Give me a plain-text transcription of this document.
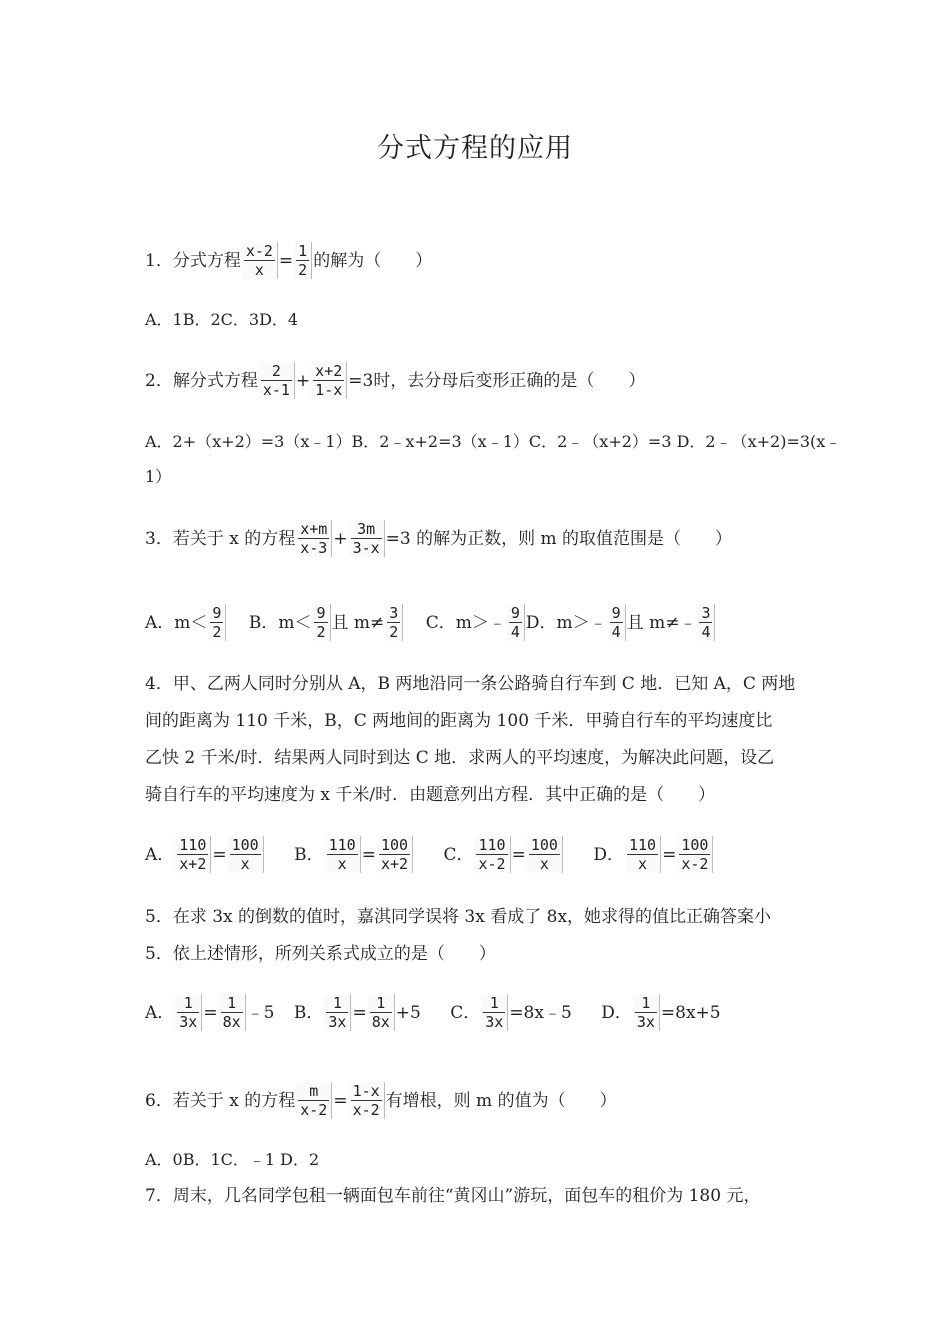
分式方程的应用
1．分式方程 $\frac{x-2}{x} = \frac{1}{2}$ 的解为（　　）
A．1B．2C．3D．4
2．解分式方程 $\frac{2}{x-1} + \frac{x+2}{1-x} =3$时，去分母后变形正确的是（　　）
A．2+（x+2）=3（x﹣1）B．2﹣x+2=3（x﹣1）C．2﹣（x+2）=3 D．2﹣（x+2)=3(x﹣
1）
3．若关于 x 的方程 $\frac{x+m}{x-3} + \frac{3m}{3-x} =3$ 的解为正数，则 m 的取值范围是（　　）
A．$m< \frac{9}{2}$ B．$m< \frac{9}{2}$ 且 $m\ne \frac{3}{2}$ C．m＞﹣ $\frac{9}{4}$ D．m＞﹣ $\frac{9}{4}$ 且 m≠﹣ $\frac{3}{4}$
4．甲、乙两人同时分别从 A，B 两地沿同一条公路骑自行车到 C 地．已知 A，C 两地
间的距离为 110 千米，B，C 两地间的距离为 100 千米．甲骑自行车的平均速度比
乙快 2 千米/时．结果两人同时到达 C 地．求两人的平均速度，为解决此问题，设乙
骑自行车的平均速度为 x 千米/时．由题意列出方程．其中正确的是（　　）
A． $\frac{110}{x+2} = \frac{100}{x}$ B． $\frac{110}{x} = \frac{100}{x+2}$ C． $\frac{110}{x-2} = \frac{100}{x}$ D． $\frac{110}{x} = \frac{100}{x-2}$
5．在求 3x 的倒数的值时，嘉淇同学误将 3x 看成了 8x，她求得的值比正确答案小
5．依上述情形，所列关系式成立的是（　　）
A． $\frac{1}{3x} = \frac{1}{8x}$ ﹣5 B． $\frac{1}{3x} = \frac{1}{8x} +5$ C． $\frac{1}{3x}$ =8x﹣5 D． $\frac{1}{3x} =8x+5$
6．若关于 x 的方程 $\frac{m}{x-2} = \frac{1-x}{x-2}$ 有增根，则 m 的值为（　　）
A．0B．1C．﹣1 D．2
7．周末，几名同学包租一辆面包车前往“黄冈山”游玩，面包车的租价为 180 元，
